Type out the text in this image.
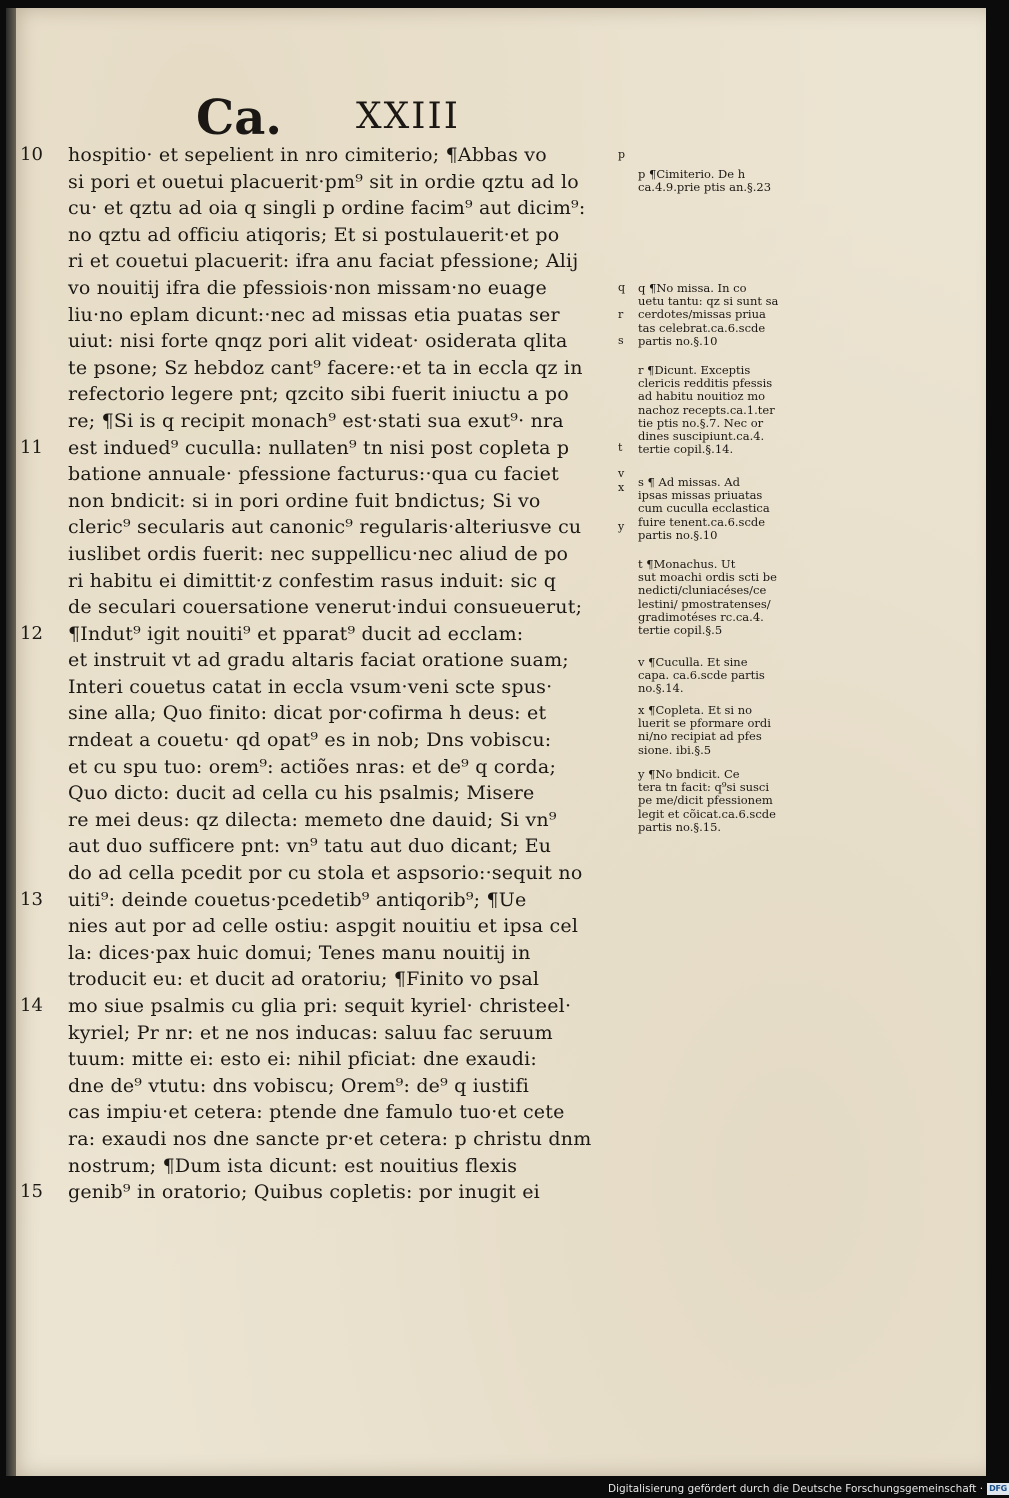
Ca. XXIII
10
11
12
13
14
15
p
q
r
s
t
v
x
y
hospitio· et sepelient in nro cimiterio; ¶Abbas vo
si pori et ouetui placuerit·pm⁹ sit in ordie qztu ad lo
cu· et qztu ad oia q singli p ordine facim⁹ aut dicim⁹:
no qztu ad officiu atiqoris; Et si postulauerit·et po
ri et couetui placuerit: ifra anu faciat pfessione; Alij
vo nouitij ifra die pfessiois·non missam·no euage
liu·no eplam dicunt:·nec ad missas etia puatas ser
uiut: nisi forte qnqz pori alit videat· osiderata qlita
te psone; Sz hebdoz cant⁹ facere:·et ta in eccla qz in
refectorio legere pnt; qzcito sibi fuerit iniuctu a po
re; ¶Si is q recipit monach⁹ est·stati sua exut⁹· nra
est indued⁹ cuculla: nullaten⁹ tn nisi post copleta p
batione annuale· pfessione facturus:·qua cu faciet
non bndicit: si in pori ordine fuit bndictus; Si vo
cleric⁹ secularis aut canonic⁹ regularis·alteriusve cu
iuslibet ordis fuerit: nec suppellicu·nec aliud de po
ri habitu ei dimittit·z confestim rasus induit: sic q
de seculari couersatione venerut·indui consueuerut;
¶Indut⁹ igit nouiti⁹ et pparat⁹ ducit ad ecclam:
et instruit vt ad gradu altaris faciat oratione suam;
Interi couetus catat in eccla vsum·veni scte spus·
sine alla; Quo finito: dicat por·cofirma h deus: et
rndeat a couetu· qd opat⁹ es in nob; Dns vobiscu:
et cu spu tuo: orem⁹: actiões nras: et de⁹ q corda;
Quo dicto: ducit ad cella cu his psalmis; Misere
re mei deus: qz dilecta: memeto dne dauid; Si vn⁹
aut duo sufficere pnt: vn⁹ tatu aut duo dicant; Eu
do ad cella pcedit por cu stola et aspsorio:·sequit no
uiti⁹: deinde couetus·pcedetib⁹ antiqorib⁹; ¶Ue
nies aut por ad celle ostiu: aspgit nouitiu et ipsa cel
la: dices·pax huic domui; Tenes manu nouitij in
troducit eu: et ducit ad oratoriu; ¶Finito vo psal
mo siue psalmis cu glia pri: sequit kyriel· christeel·
kyriel; Pr nr: et ne nos inducas: saluu fac seruum
tuum: mitte ei: esto ei: nihil pficiat: dne exaudi:
dne de⁹ vtutu: dns vobiscu; Orem⁹: de⁹ q iustifi
cas impiu·et cetera: ptende dne famulo tuo·et cete
ra: exaudi nos dne sancte pr·et cetera: p christu dnm
nostrum; ¶Dum ista dicunt: est nouitius flexis
genib⁹ in oratorio; Quibus copletis: por inugit ei
p ¶Cimiterio. De h
ca.4.9.prie ptis an.§.23
q ¶No missa. In co
uetu tantu: qz si sunt sa
cerdotes/missas priua
tas celebrat.ca.6.scde
partis no.§.10
r ¶Dicunt. Exceptis
clericis redditis pfessis
ad habitu nouitioz mo
nachoz recepts.ca.1.ter
tie ptis no.§.7. Nec or
dines suscipiunt.ca.4.
tertie copil.§.14.
s ¶ Ad missas. Ad
ipsas missas priuatas
cum cuculla ecclastica
fuire tenent.ca.6.scde
partis no.§.10
t ¶Monachus. Ut
sut moachi ordis scti be
nedicti/cluniacéses/ce
lestini/ pmostratenses/
gradimotéses rc.ca.4.
tertie copil.§.5
v ¶Cuculla. Et sine
capa. ca.6.scde partis
no.§.14.
x ¶Copleta. Et si no
luerit se pformare ordi
ni/no recipiat ad pfes
sione. ibi.§.5
y ¶No bndicit. Ce
tera tn facit: q⁹si susci
pe me/dicit pfessionem
legit et cõicat.ca.6.scde
partis no.§.15.
Digitalisierung gefördert durch die Deutsche Forschungsgemeinschaft · DFG
